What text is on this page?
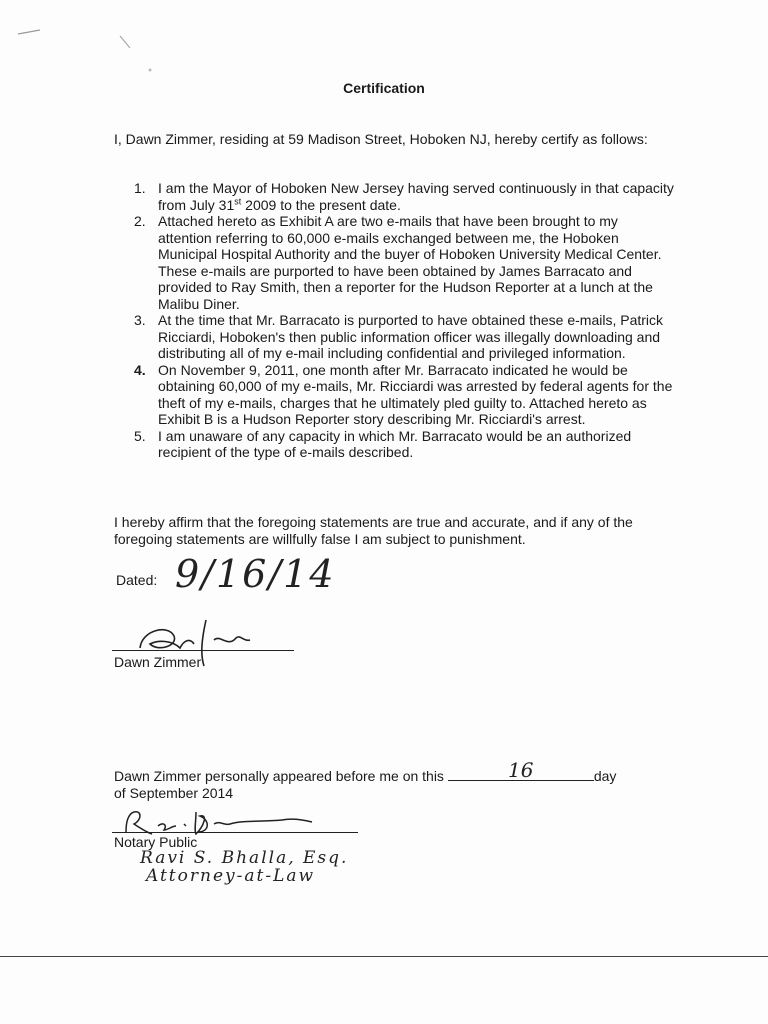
Certification
I, Dawn Zimmer, residing at 59 Madison Street, Hoboken NJ, hereby certify as follows:
1. I am the Mayor of Hoboken New Jersey having served continuously in that capacity from July 31st 2009 to the present date.
2. Attached hereto as Exhibit A are two e-mails that have been brought to my attention referring to 60,000 e-mails exchanged between me, the Hoboken Municipal Hospital Authority and the buyer of Hoboken University Medical Center. These e-mails are purported to have been obtained by James Barracato and provided to Ray Smith, then a reporter for the Hudson Reporter at a lunch at the Malibu Diner.
3. At the time that Mr. Barracato is purported to have obtained these e-mails, Patrick Ricciardi, Hoboken's then public information officer was illegally downloading and distributing all of my e-mail including confidential and privileged information.
4. On November 9, 2011, one month after Mr. Barracato indicated he would be obtaining 60,000 of my e-mails, Mr. Ricciardi was arrested by federal agents for the theft of my e-mails, charges that he ultimately pled guilty to. Attached hereto as Exhibit B is a Hudson Reporter story describing Mr. Ricciardi's arrest.
5. I am unaware of any capacity in which Mr. Barracato would be an authorized recipient of the type of e-mails described.
I hereby affirm that the foregoing statements are true and accurate, and if any of the foregoing statements are willfully false I am subject to punishment.
Dated: 9/16/14
Dawn Zimmer
Dawn Zimmer personally appeared before me on this	day
of September 2014
16
Notary Public
Ravi S. Bhalla, Esq.
Attorney-at-Law
